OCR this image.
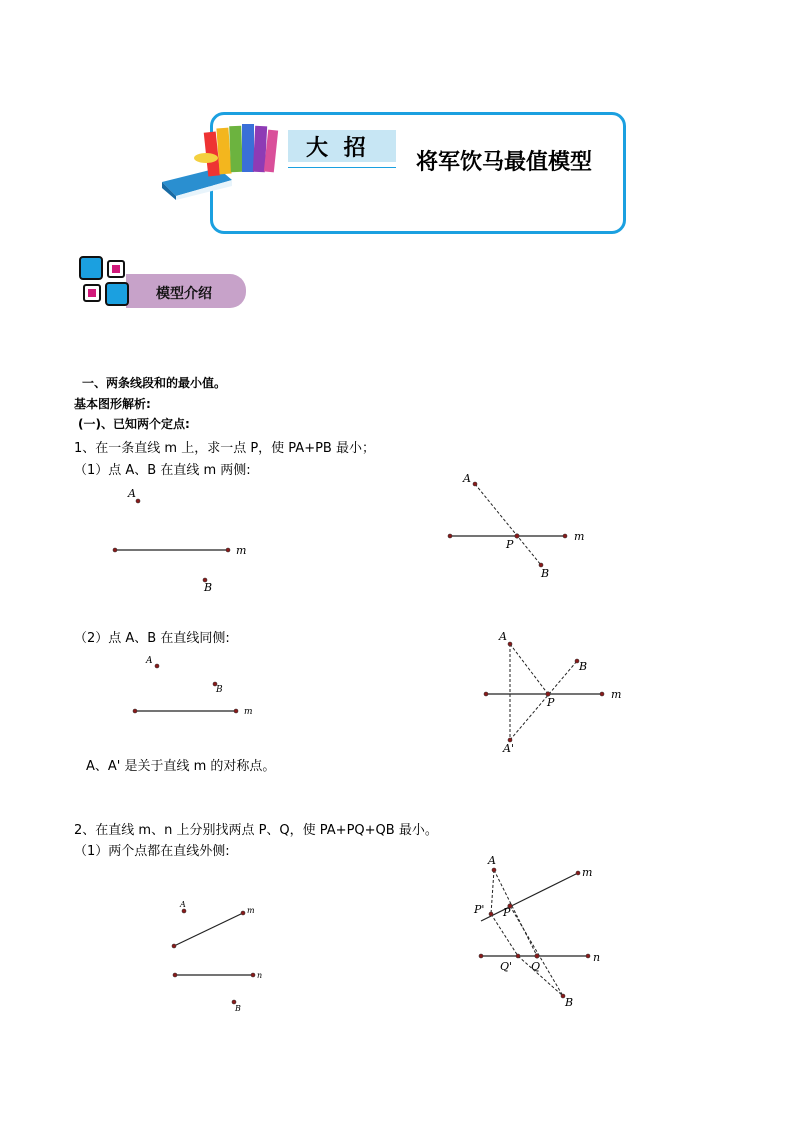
大 招
将军饮马最值模型
模型介绍
一、两条线段和的最小值。
基本图形解析:
(一)、已知两个定点:
1、在一条直线 m 上，求一点 P，使 PA+PB 最小；
（1）点 A、B 在直线 m 两侧:
（2）点 A、B 在直线同侧:
A、A' 是关于直线 m 的对称点。
2、在直线 m、n 上分别找两点 P、Q，使 PA+PQ+QB 最小。
（1）两个点都在直线外侧:
A
m
B
A
m
P
B
A
B
m
A
B
m
P
A'
A
m
n
B
A
m
P' P
n
Q' Q
B
